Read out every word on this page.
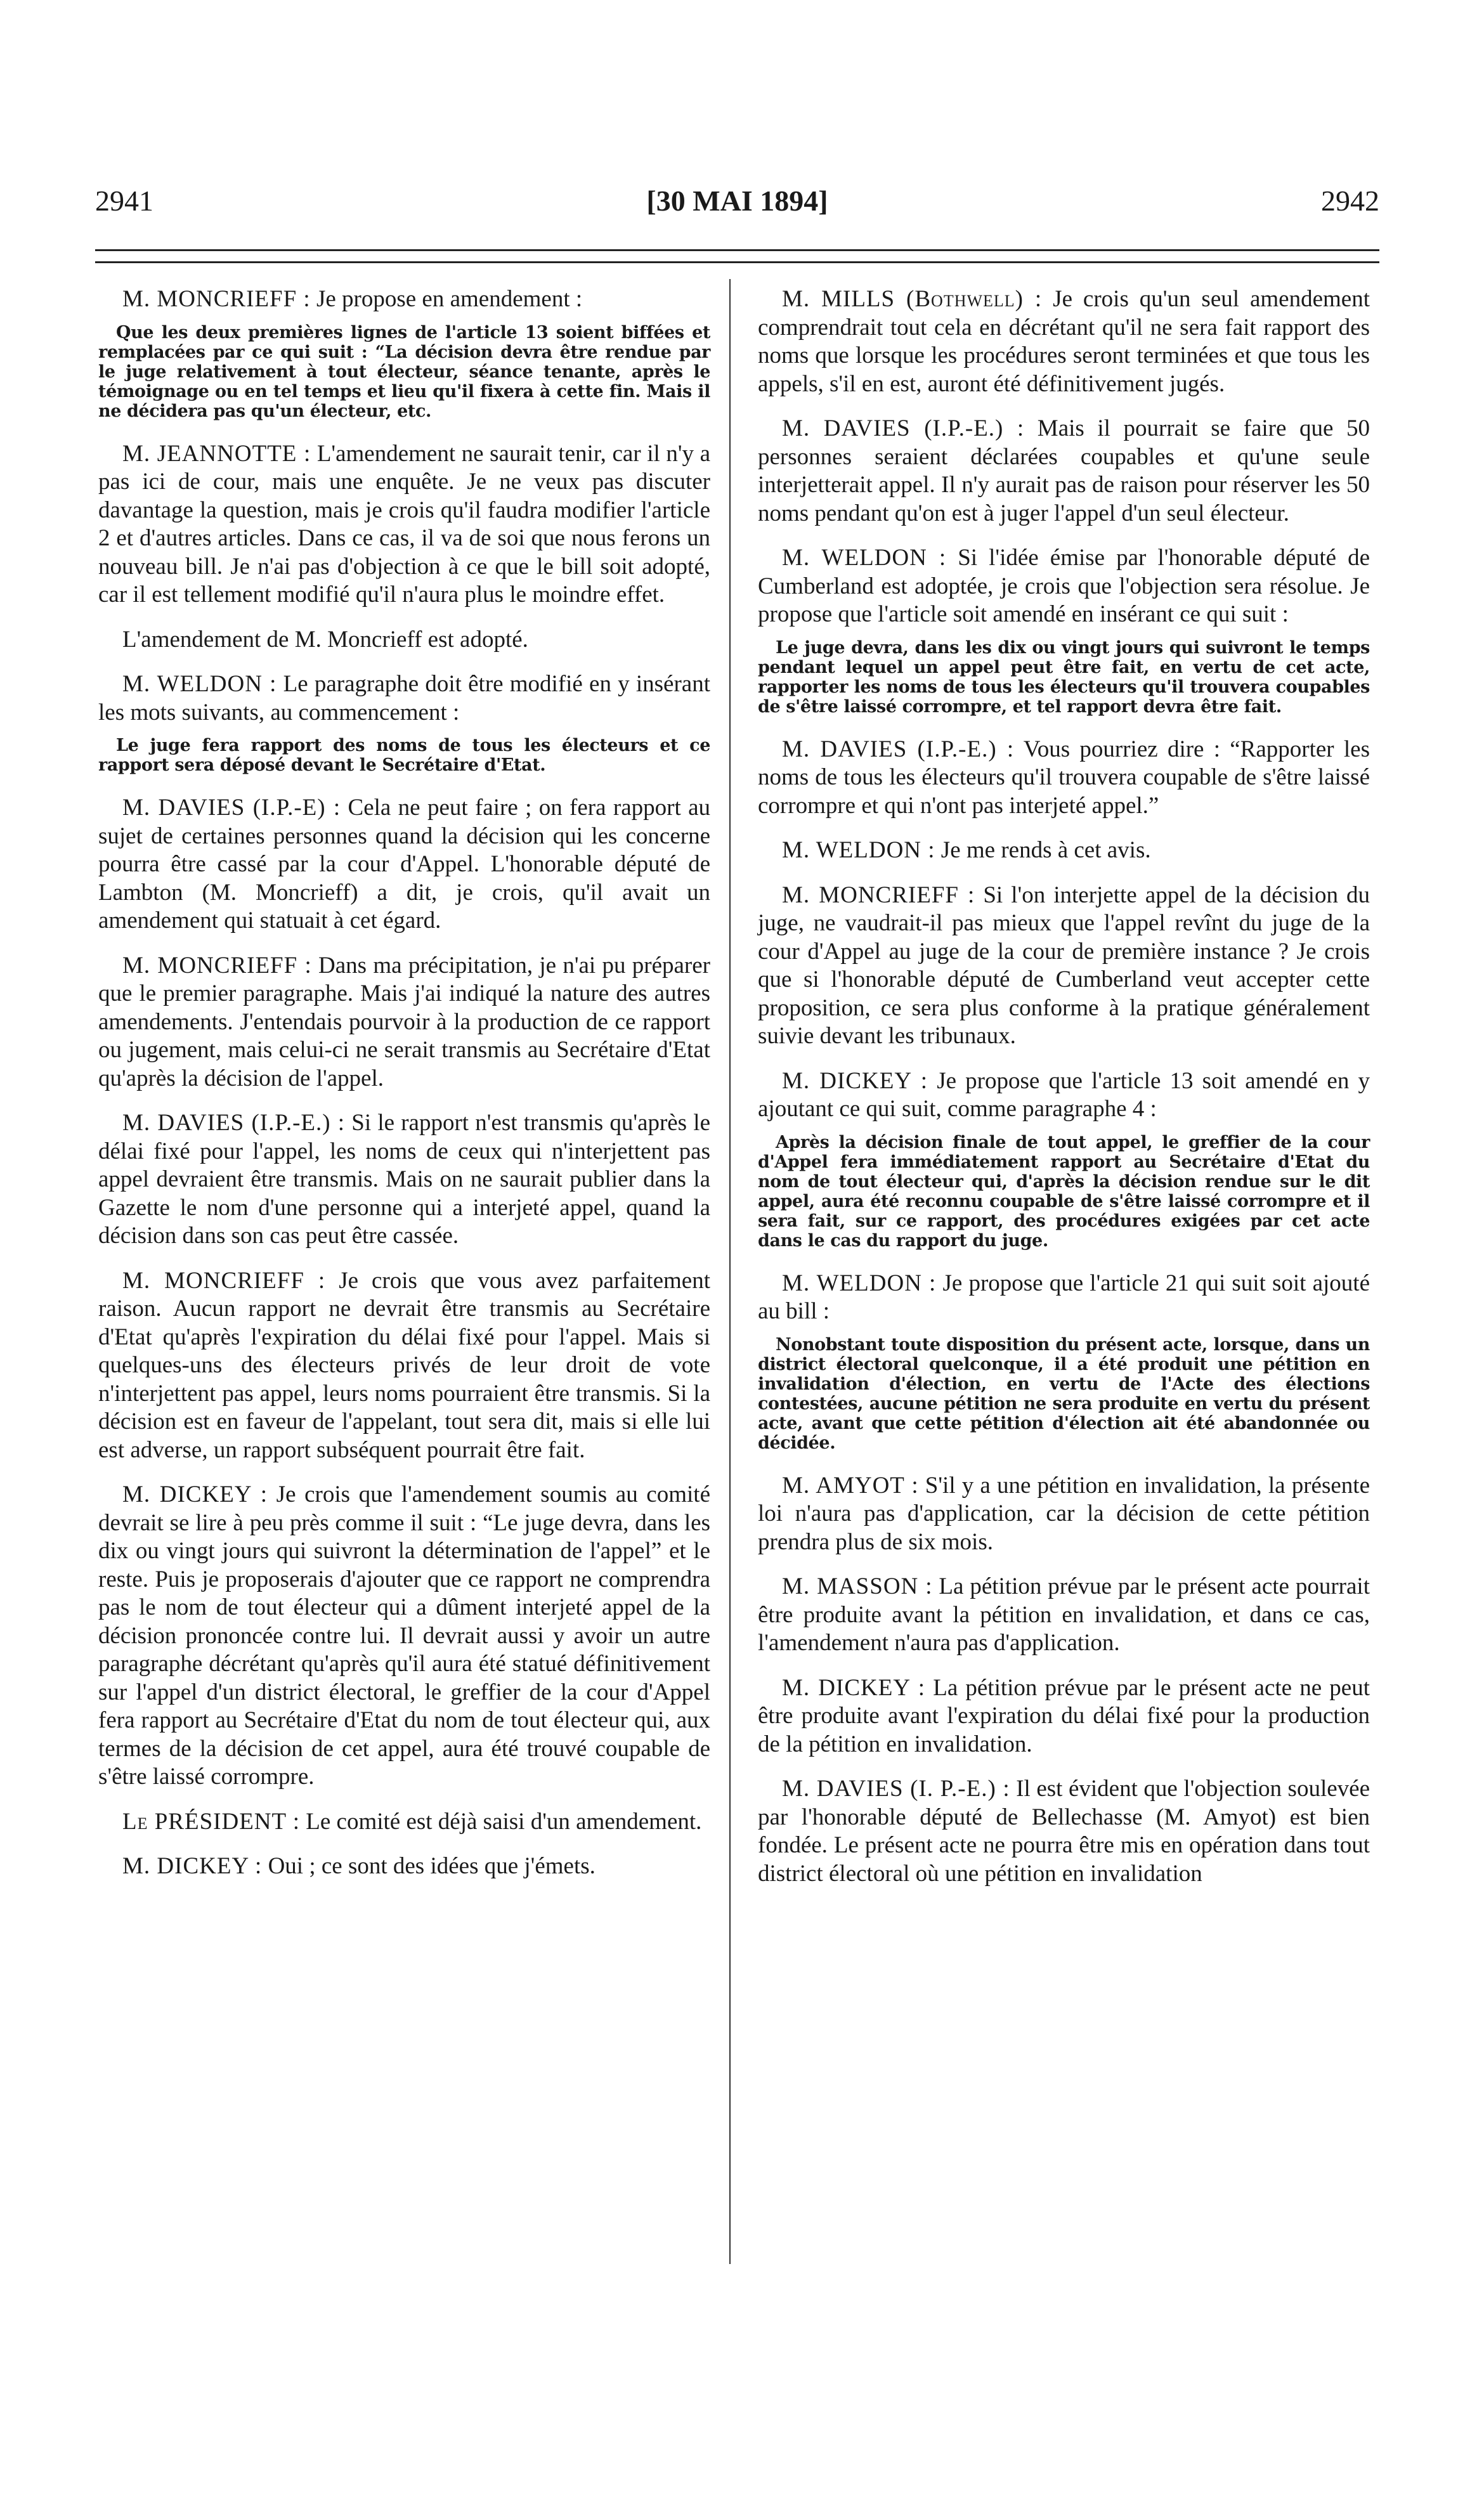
2941	[30 MAI 1894]	2942

M. MONCRIEFF : Je propose en amendement :

Que les deux premières lignes de l'article 13 soient biffées et remplacées par ce qui suit : “La décision devra être rendue par le juge relativement à tout électeur, séance tenante, après le témoignage ou en tel temps et lieu qu'il fixera à cette fin. Mais il ne décidera pas qu'un électeur, etc.

M. JEANNOTTE : L'amendement ne saurait tenir, car il n'y a pas ici de cour, mais une enquête. Je ne veux pas discuter davantage la question, mais je crois qu'il faudra modifier l'article 2 et d'autres articles. Dans ce cas, il va de soi que nous ferons un nouveau bill. Je n'ai pas d'objection à ce que le bill soit adopté, car il est tellement modifié qu'il n'aura plus le moindre effet.

L'amendement de M. Moncrieff est adopté.

M. WELDON : Le paragraphe doit être modifié en y insérant les mots suivants, au commencement :

Le juge fera rapport des noms de tous les électeurs et ce rapport sera déposé devant le Secrétaire d'Etat.

M. DAVIES (I.P.-E) : Cela ne peut faire ; on fera rapport au sujet de certaines personnes quand la décision qui les concerne pourra être cassé par la cour d'Appel. L'honorable député de Lambton (M. Moncrieff) a dit, je crois, qu'il avait un amendement qui statuait à cet égard.

M. MONCRIEFF : Dans ma précipitation, je n'ai pu préparer que le premier paragraphe. Mais j'ai indiqué la nature des autres amendements. J'entendais pourvoir à la production de ce rapport ou jugement, mais celui-ci ne serait transmis au Secrétaire d'Etat qu'après la décision de l'appel.

M. DAVIES (I.P.-E.) : Si le rapport n'est transmis qu'après le délai fixé pour l'appel, les noms de ceux qui n'interjettent pas appel devraient être transmis. Mais on ne saurait publier dans la Gazette le nom d'une personne qui a interjeté appel, quand la décision dans son cas peut être cassée.

M. MONCRIEFF : Je crois que vous avez parfaitement raison. Aucun rapport ne devrait être transmis au Secrétaire d'Etat qu'après l'expiration du délai fixé pour l'appel. Mais si quelques-uns des électeurs privés de leur droit de vote n'interjettent pas appel, leurs noms pourraient être transmis. Si la décision est en faveur de l'appelant, tout sera dit, mais si elle lui est adverse, un rapport subséquent pourrait être fait.

M. DICKEY : Je crois que l'amendement soumis au comité devrait se lire à peu près comme il suit : “Le juge devra, dans les dix ou vingt jours qui suivront la détermination de l'appel” et le reste. Puis je proposerais d'ajouter que ce rapport ne comprendra pas le nom de tout électeur qui a dûment interjeté appel de la décision prononcée contre lui. Il devrait aussi y avoir un autre paragraphe décrétant qu'après qu'il aura été statué définitivement sur l'appel d'un district électoral, le greffier de la cour d'Appel fera rapport au Secrétaire d'Etat du nom de tout électeur qui, aux termes de la décision de cet appel, aura été trouvé coupable de s'être laissé corrompre.

Le PRÉSIDENT : Le comité est déjà saisi d'un amendement.

M. DICKEY : Oui ; ce sont des idées que j'émets.

M. MILLS (Bothwell) : Je crois qu'un seul amendement comprendrait tout cela en décrétant qu'il ne sera fait rapport des noms que lorsque les procédures seront terminées et que tous les appels, s'il en est, auront été définitivement jugés.

M. DAVIES (I.P.-E.) : Mais il pourrait se faire que 50 personnes seraient déclarées coupables et qu'une seule interjetterait appel. Il n'y aurait pas de raison pour réserver les 50 noms pendant qu'on est à juger l'appel d'un seul électeur.

M. WELDON : Si l'idée émise par l'honorable député de Cumberland est adoptée, je crois que l'objection sera résolue. Je propose que l'article soit amendé en insérant ce qui suit :

Le juge devra, dans les dix ou vingt jours qui suivront le temps pendant lequel un appel peut être fait, en vertu de cet acte, rapporter les noms de tous les électeurs qu'il trouvera coupables de s'être laissé corrompre, et tel rapport devra être fait.

M. DAVIES (I.P.-E.) : Vous pourriez dire : “Rapporter les noms de tous les électeurs qu'il trouvera coupable de s'être laissé corrompre et qui n'ont pas interjeté appel.”

M. WELDON : Je me rends à cet avis.

M. MONCRIEFF : Si l'on interjette appel de la décision du juge, ne vaudrait-il pas mieux que l'appel revînt du juge de la cour d'Appel au juge de la cour de première instance ? Je crois que si l'honorable député de Cumberland veut accepter cette proposition, ce sera plus conforme à la pratique généralement suivie devant les tribunaux.

M. DICKEY : Je propose que l'article 13 soit amendé en y ajoutant ce qui suit, comme paragraphe 4 :

Après la décision finale de tout appel, le greffier de la cour d'Appel fera immédiatement rapport au Secrétaire d'Etat du nom de tout électeur qui, d'après la décision rendue sur le dit appel, aura été reconnu coupable de s'être laissé corrompre et il sera fait, sur ce rapport, des procédures exigées par cet acte dans le cas du rapport du juge.

M. WELDON : Je propose que l'article 21 qui suit soit ajouté au bill :

Nonobstant toute disposition du présent acte, lorsque, dans un district électoral quelconque, il a été produit une pétition en invalidation d'élection, en vertu de l'Acte des élections contestées, aucune pétition ne sera produite en vertu du présent acte, avant que cette pétition d'élection ait été abandonnée ou décidée.

M. AMYOT : S'il y a une pétition en invalidation, la présente loi n'aura pas d'application, car la décision de cette pétition prendra plus de six mois.

M. MASSON : La pétition prévue par le présent acte pourrait être produite avant la pétition en invalidation, et dans ce cas, l'amendement n'aura pas d'application.

M. DICKEY : La pétition prévue par le présent acte ne peut être produite avant l'expiration du délai fixé pour la production de la pétition en invalidation.

M. DAVIES (I. P.-E.) : Il est évident que l'objection soulevée par l'honorable député de Bellechasse (M. Amyot) est bien fondée. Le présent acte ne pourra être mis en opération dans tout district électoral où une pétition en invalidation
